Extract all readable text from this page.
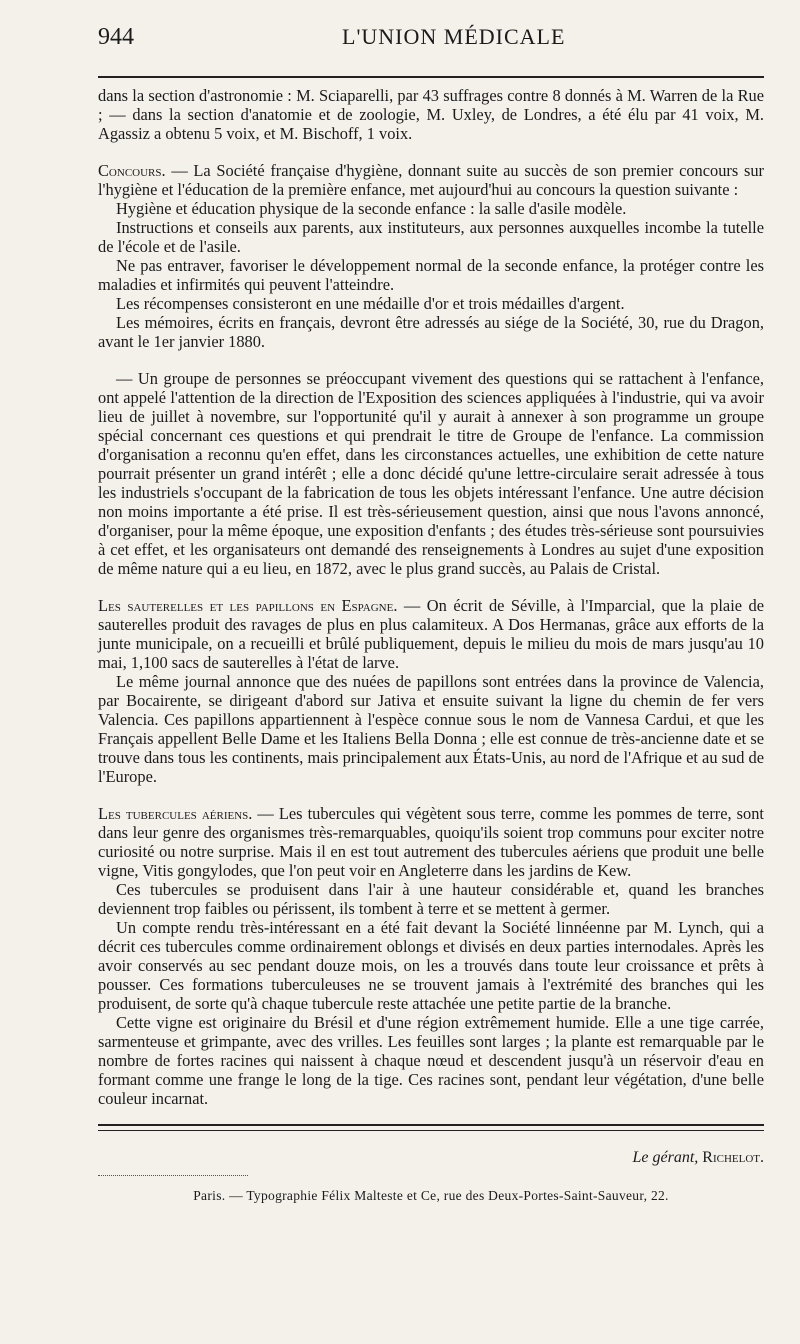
944	L'UNION MÉDICALE

dans la section d'astronomie : M. Sciaparelli, par 43 suffrages contre 8 donnés à M. Warren de la Rue ; — dans la section d'anatomie et de zoologie, M. Uxley, de Londres, a été élu par 41 voix, M. Agassiz a obtenu 5 voix, et M. Bischoff, 1 voix.

Concours. — La Société française d'hygiène, donnant suite au succès de son premier concours sur l'hygiène et l'éducation de la première enfance, met aujourd'hui au concours la question suivante :

Hygiène et éducation physique de la seconde enfance : la salle d'asile modèle.

Instructions et conseils aux parents, aux instituteurs, aux personnes auxquelles incombe la tutelle de l'école et de l'asile.

Ne pas entraver, favoriser le développement normal de la seconde enfance, la protéger contre les maladies et infirmités qui peuvent l'atteindre.

Les récompenses consisteront en une médaille d'or et trois médailles d'argent.

Les mémoires, écrits en français, devront être adressés au siége de la Société, 30, rue du Dragon, avant le 1er janvier 1880.

— Un groupe de personnes se préoccupant vivement des questions qui se rattachent à l'enfance, ont appelé l'attention de la direction de l'Exposition des sciences appliquées à l'industrie, qui va avoir lieu de juillet à novembre, sur l'opportunité qu'il y aurait à annexer à son programme un groupe spécial concernant ces questions et qui prendrait le titre de Groupe de l'enfance. La commission d'organisation a reconnu qu'en effet, dans les circonstances actuelles, une exhibition de cette nature pourrait présenter un grand intérêt ; elle a donc décidé qu'une lettre-circulaire serait adressée à tous les industriels s'occupant de la fabrication de tous les objets intéressant l'enfance. Une autre décision non moins importante a été prise. Il est très-sérieusement question, ainsi que nous l'avons annoncé, d'organiser, pour la même époque, une exposition d'enfants ; des études très-sérieuse sont poursuivies à cet effet, et les organisateurs ont demandé des renseignements à Londres au sujet d'une exposition de même nature qui a eu lieu, en 1872, avec le plus grand succès, au Palais de Cristal.

Les sauterelles et les papillons en Espagne. — On écrit de Séville, à l'Imparcial, que la plaie de sauterelles produit des ravages de plus en plus calamiteux. A Dos Hermanas, grâce aux efforts de la junte municipale, on a recueilli et brûlé publiquement, depuis le milieu du mois de mars jusqu'au 10 mai, 1,100 sacs de sauterelles à l'état de larve.

Le même journal annonce que des nuées de papillons sont entrées dans la province de Valencia, par Bocairente, se dirigeant d'abord sur Jativa et ensuite suivant la ligne du chemin de fer vers Valencia. Ces papillons appartiennent à l'espèce connue sous le nom de Vannesa Cardui, et que les Français appellent Belle Dame et les Italiens Bella Donna ; elle est connue de très-ancienne date et se trouve dans tous les continents, mais principalement aux États-Unis, au nord de l'Afrique et au sud de l'Europe.

Les tubercules aériens. — Les tubercules qui végètent sous terre, comme les pommes de terre, sont dans leur genre des organismes très-remarquables, quoiqu'ils soient trop communs pour exciter notre curiosité ou notre surprise. Mais il en est tout autrement des tubercules aériens que produit une belle vigne, Vitis gongylodes, que l'on peut voir en Angleterre dans les jardins de Kew.

Ces tubercules se produisent dans l'air à une hauteur considérable et, quand les branches deviennent trop faibles ou périssent, ils tombent à terre et se mettent à germer.

Un compte rendu très-intéressant en a été fait devant la Société linnéenne par M. Lynch, qui a décrit ces tubercules comme ordinairement oblongs et divisés en deux parties internodales. Après les avoir conservés au sec pendant douze mois, on les a trouvés dans toute leur croissance et prêts à pousser. Ces formations tuberculeuses ne se trouvent jamais à l'extrémité des branches qui les produisent, de sorte qu'à chaque tubercule reste attachée une petite partie de la branche.

Cette vigne est originaire du Brésil et d'une région extrêmement humide. Elle a une tige carrée, sarmenteuse et grimpante, avec des vrilles. Les feuilles sont larges ; la plante est remarquable par le nombre de fortes racines qui naissent à chaque nœud et descendent jusqu'à un réservoir d'eau en formant comme une frange le long de la tige. Ces racines sont, pendant leur végétation, d'une belle couleur incarnat.

Le gérant, Richelot.
Paris. — Typographie Félix Malteste et Ce, rue des Deux-Portes-Saint-Sauveur, 22.
